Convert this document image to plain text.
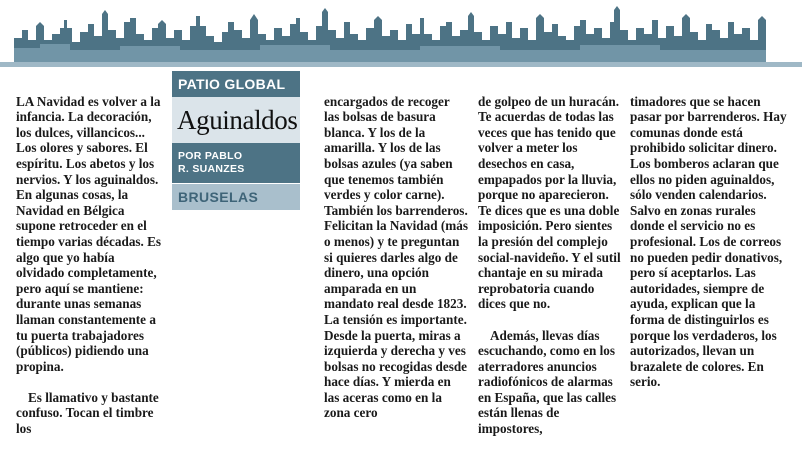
LA Navidad es volver a la infancia. La decoración, los dulces, villancicos... Los olores y sabores. El espíritu. Los abetos y los nervios. Y los aguinaldos. En algunas cosas, la Navidad en Bélgica supone retroceder en el tiempo varias décadas. Es algo que yo había olvidado completamente, pero aquí se mantiene: durante unas semanas llaman constantemente a tu puerta trabajadores (públicos) pidiendo una propina.

Es llamativo y bastante confuso. Tocan el timbre los

PATIO GLOBAL
Aguinaldos
POR PABLO
R. SUANZES
BRUSELAS

encargados de recoger las bolsas de basura blanca. Y los de la amarilla. Y los de las bolsas azules (ya saben que tenemos también verdes y color carne). También los barrenderos. Felicitan la Navidad (más o menos) y te preguntan si quieres darles algo de dinero, una opción amparada en un mandato real desde 1823. La tensión es importante. Desde la puerta, miras a izquierda y derecha y ves bolsas no recogidas desde hace días. Y mierda en las aceras como en la zona cero

de golpeo de un huracán. Te acuerdas de todas las veces que has tenido que volver a meter los desechos en casa, empapados por la lluvia, porque no aparecieron. Te dices que es una doble imposición. Pero sientes la presión del complejo social-navideño. Y el sutil chantaje en su mirada reprobatoria cuando dices que no.

Además, llevas días escuchando, como en los aterradores anuncios radiofónicos de alarmas en España, que las calles están llenas de impostores,

timadores que se hacen pasar por barrenderos. Hay comunas donde está prohibido solicitar dinero. Los bomberos aclaran que ellos no piden aguinaldos, sólo venden calendarios. Salvo en zonas rurales donde el servicio no es profesional. Los de correos no pueden pedir donativos, pero sí aceptarlos. Las autoridades, siempre de ayuda, explican que la forma de distinguirlos es porque los verdaderos, los autorizados, llevan un brazalete de colores. En serio.
